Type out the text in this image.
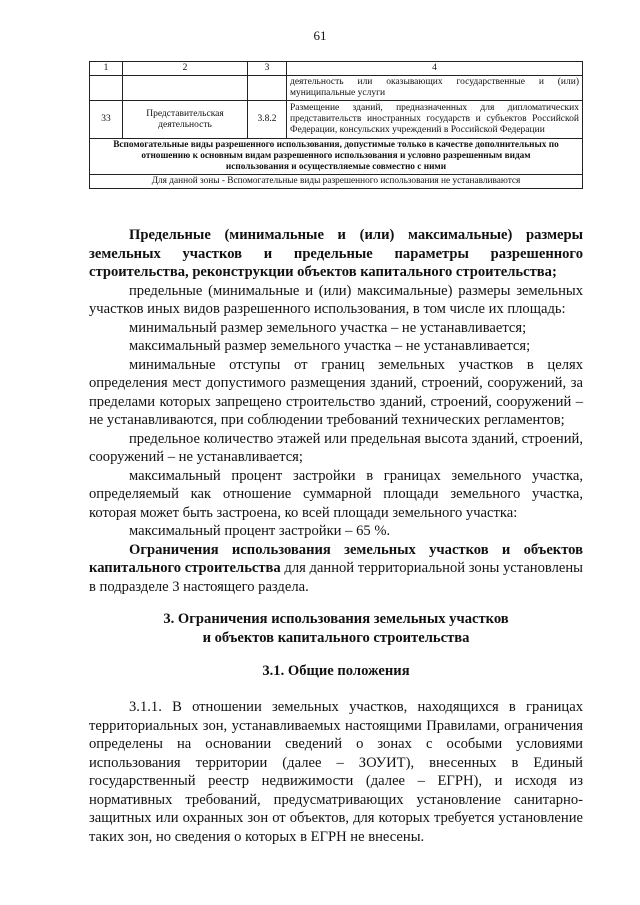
61
1	2	3	4

			деятельность или оказывающих государственные и (или)
муниципальные услуги

33	Представительская деятельность	3.8.2	Размещение зданий, предназначенных для дипломатических представительств иностранных государств и субъектов Российской Федерации, консульских учреждений в Российской Федерации
Вспомогательные виды разрешенного использования, допустимые только в качестве дополнительных по отношению к основным видам разрешенного использования и условно разрешенным видам использования и осуществляемые совместно с ними			
Для данной зоны - Вспомогательные виды разрешенного использования не устанавливаются			

Предельные (минимальные и (или) максимальные) размеры земельных участков и предельные параметры разрешенного строительства, реконструкции объектов капитального строительства;

предельные (минимальные и (или) максимальные) размеры земельных участков иных видов разрешенного использования, в том числе их площадь:

минимальный размер земельного участка – не устанавливается;

максимальный размер земельного участка – не устанавливается;

минимальные отступы от границ земельных участков в целях определения мест допустимого размещения зданий, строений, сооружений, за пределами которых запрещено строительство зданий, строений, сооружений – не устанавливаются, при соблюдении требований технических регламентов;

предельное количество этажей или предельная высота зданий, строений, сооружений – не устанавливается;

максимальный процент застройки в границах земельного участка, определяемый как отношение суммарной площади земельного участка, которая может быть застроена, ко всей площади земельного участка:

максимальный процент застройки – 65 %.

Ограничения использования земельных участков и объектов капитального строительства для данной территориальной зоны установлены в подразделе 3 настоящего раздела.

3. Ограничения использования земельных участков
и объектов капитального строительства
3.1. Общие положения

3.1.1. В отношении земельных участков, находящихся в границах территориальных зон, устанавливаемых настоящими Правилами, ограничения определены на основании сведений о зонах с особыми условиями использования территории (далее – ЗОУИТ), внесенных в Единый государственный реестр недвижимости (далее – ЕГРН), и исходя из нормативных требований, предусматривающих установление санитарно-защитных или охранных зон от объектов, для которых требуется установление таких зон, но сведения о которых в ЕГРН не внесены.
